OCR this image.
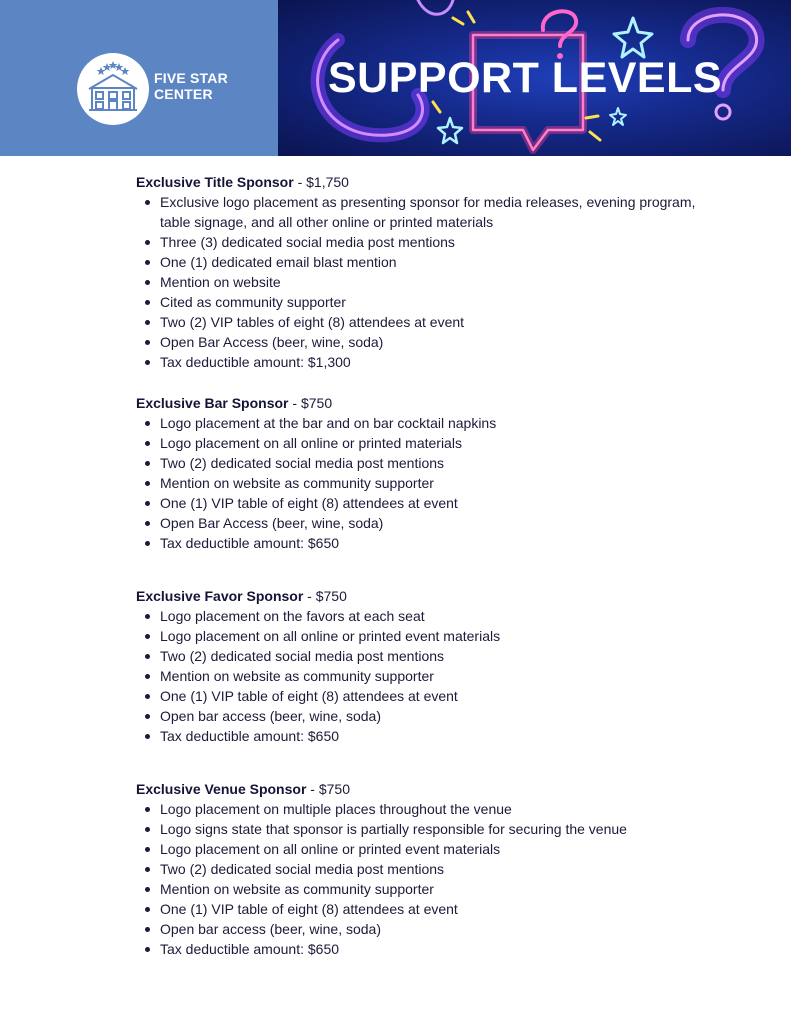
FIVE STAR
CENTER	SUPPORT LEVELS
Exclusive Title Sponsor - $1,750
Exclusive logo placement as presenting sponsor for media releases, evening program, table signage, and all other online or printed materials
Three (3) dedicated social media post mentions
One (1) dedicated email blast mention
Mention on website
Cited as community supporter
Two (2) VIP tables of eight (8) attendees at event
Open Bar Access (beer, wine, soda)
Tax deductible amount: $1,300
Exclusive Bar Sponsor - $750
Logo placement at the bar and on bar cocktail napkins
Logo placement on all online or printed materials
Two (2) dedicated social media post mentions
Mention on website as community supporter
One (1) VIP table of eight (8) attendees at event
Open Bar Access (beer, wine, soda)
Tax deductible amount: $650
Exclusive Favor Sponsor - $750
Logo placement on the favors at each seat
Logo placement on all online or printed event materials
Two (2) dedicated social media post mentions
Mention on website as community supporter
One (1) VIP table of eight (8) attendees at event
Open bar access (beer, wine, soda)
Tax deductible amount: $650
Exclusive Venue Sponsor - $750
Logo placement on multiple places throughout the venue
Logo signs state that sponsor is partially responsible for securing the venue
Logo placement on all online or printed event materials
Two (2) dedicated social media post mentions
Mention on website as community supporter
One (1) VIP table of eight (8) attendees at event
Open bar access (beer, wine, soda)
Tax deductible amount: $650
